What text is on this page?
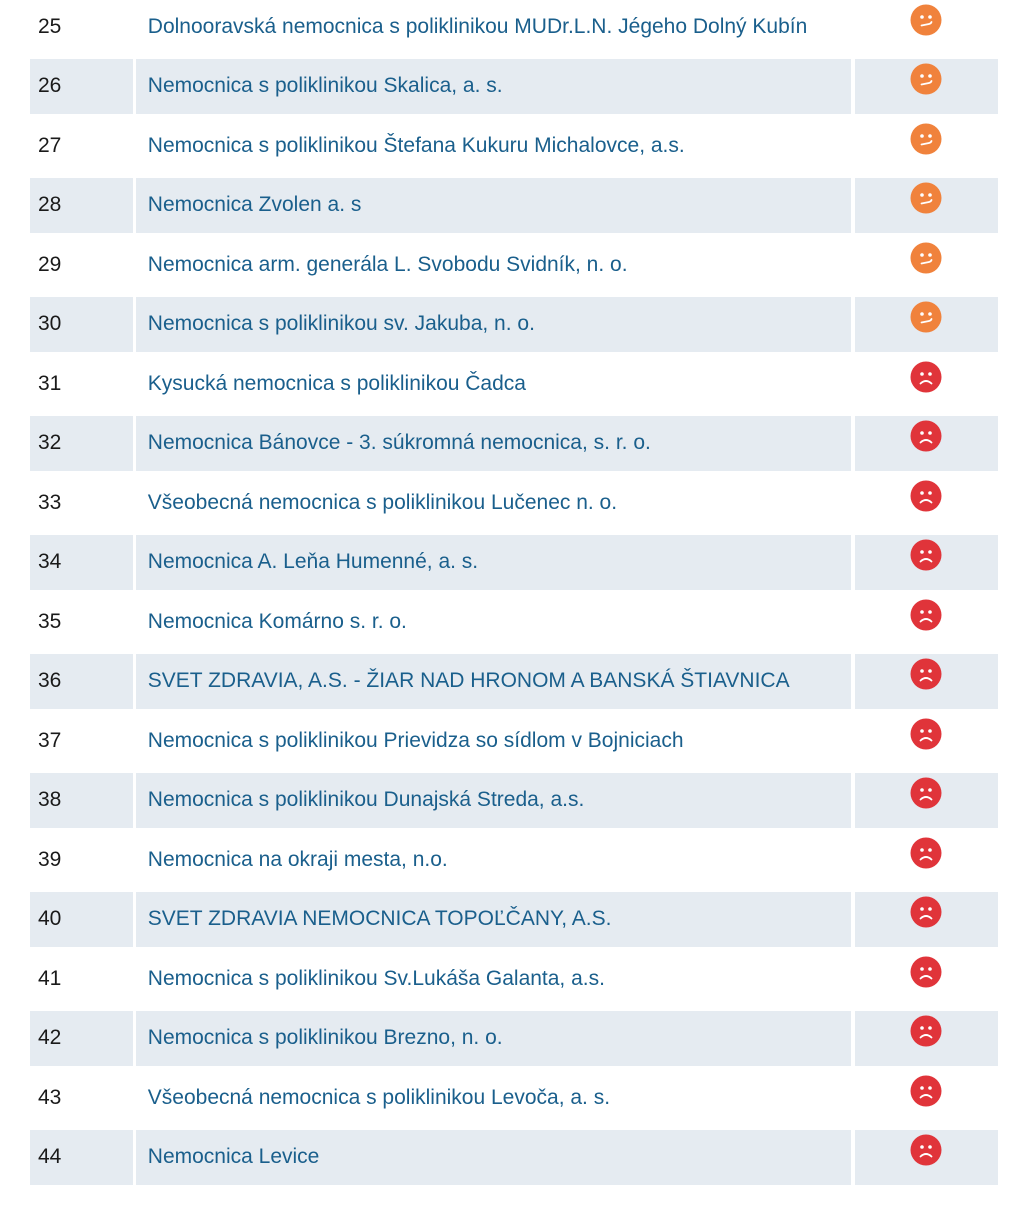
25	Dolnooravská nemocnica s poliklinikou MUDr.L.N. Jégeho Dolný Kubín
26	Nemocnica s poliklinikou Skalica, a. s.
27	Nemocnica s poliklinikou Štefana Kukuru Michalovce, a.s.
28	Nemocnica Zvolen a. s
29	Nemocnica arm. generála L. Svobodu Svidník, n. o.
30	Nemocnica s poliklinikou sv. Jakuba, n. o.
31	Kysucká nemocnica s poliklinikou Čadca
32	Nemocnica Bánovce - 3. súkromná nemocnica, s. r. o.
33	Všeobecná nemocnica s poliklinikou Lučenec n. o.
34	Nemocnica A. Leňa Humenné, a. s.
35	Nemocnica Komárno s. r. o.
36	SVET ZDRAVIA, A.S. - ŽIAR NAD HRONOM A BANSKÁ ŠTIAVNICA
37	Nemocnica s poliklinikou Prievidza so sídlom v Bojniciach
38	Nemocnica s poliklinikou Dunajská Streda, a.s.
39	Nemocnica na okraji mesta, n.o.
40	SVET ZDRAVIA NEMOCNICA TOPOĽČANY, A.S.
41	Nemocnica s poliklinikou Sv.Lukáša Galanta, a.s.
42	Nemocnica s poliklinikou Brezno, n. o.
43	Všeobecná nemocnica s poliklinikou Levoča, a. s.
44	Nemocnica Levice
